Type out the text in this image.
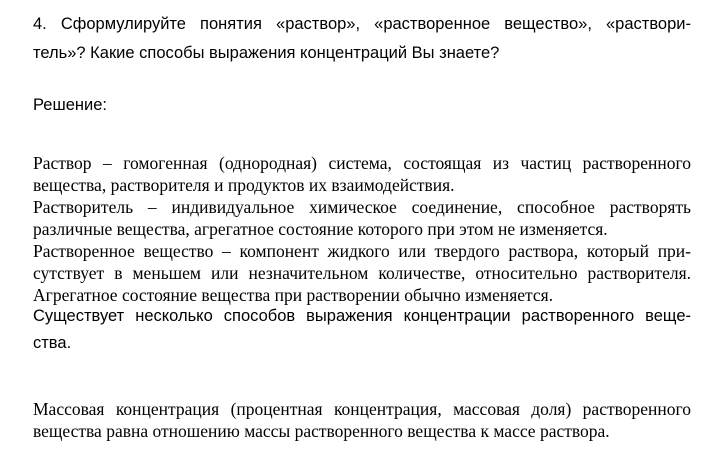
4. Сформулируйте понятия «раствор», «растворенное вещество», «раствори-
тель»? Какие способы выражения концентраций Вы знаете?
Решение:
Раствор – гомогенная (однородная) система, состоящая из частиц растворенного
вещества, растворителя и продуктов их взаимодействия.
Растворитель – индивидуальное химическое соединение, способное растворять
различные вещества, агрегатное состояние которого при этом не изменяется.
Растворенное вещество – компонент жидкого или твердого раствора, который при-
сутствует в меньшем или незначительном количестве, относительно растворителя.
Агрегатное состояние вещества при растворении обычно изменяется.
Существует несколько способов выражения концентрации растворенного веще-
ства.
Массовая концентрация (процентная концентрация, массовая доля) растворенного
вещества равна отношению массы растворенного вещества к массе раствора.
